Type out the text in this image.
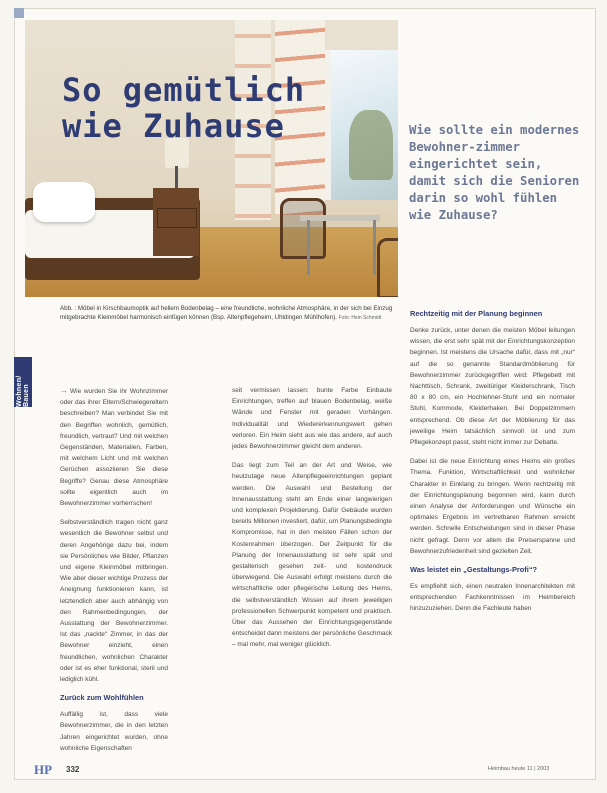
So gemütlich
wie Zuhause	Wie sollte ein modernes Bewohner-zimmer eingerichtet sein, damit sich die Senioren darin so wohl fühlen wie Zuhause?

Abb. : Möbel in Kirschbaumoptik auf hellem Bodenbelag – eine freundliche, wohnliche Atmosphäre, in der sich bei Einzug mitgebrachte Kleinmöbel harmonisch einfügen können (Bsp. Altenpflegeheim, Uhldingen Mühlhofen). Foto: Hein Schmidt
Wohnen/ Bauen	→ Wie wurden Sie ihr Wohnzimmer oder das ihrer Eltern/Schwiegereltern beschreiben? Man verbindet Sie mit den Begriffen wohnlich, gemütlich, freundlich, vertraut? Und mit welchen Gegenständen, Materialien, Farben, mit welchem Licht und mit welchen Gerüchen assoziieren Sie diese Begriffe? Genau diese Atmosphäre sollte eigentlich auch im Bewohnerzimmer vorherrschen!

Selbstverständlich tragen nicht ganz wesentlich die Bewohner selbst und deren Angehörige dazu bei, indem sie Persönliches wie Bilder, Pflanzen und eigene Kleinmöbel mitbringen. Wie aber dieser wichtige Prozess der Aneignung funktionieren kann, ist letztendlich aber auch abhängig von den Rahmenbedingungen, der Ausstattung der Bewohnerzimmer. Ist das „nackte“ Zimmer, in das der Bewohner einzieht, einen freundlichen, wohnlichen Charakter oder ist es eher funktional, steril und lediglich kühl.

Zurück zum Wohlfühlen

Auffällig ist, dass viele Bewohnerzimmer, die in den letzten Jahren eingerichtet wurden, ohne wohnliche Eigenschaften

seit vermissen lassen: bunte Farbe Einbaute Einrichtungen, treffen auf blauen Bodenbelag, weiße Wände und Fenster mit geraden Vorhängen. Individualität und Wiedererkennungswert gehen verloren. Ein Heim sieht aus wie das andere, auf auch jedes Bewohnerzimmer gleicht dem anderen.

Das liegt zum Teil an der Art und Weise, wie heutzutage neue Altenpflegeeinrichtungen geplant werden. Die Auswahl und Bestellung der Innenausstattung steht am Ende einer langwierigen und komplexen Projektierung. Dafür Gebäude wurden bereits Millionen investiert, dafür, um Planungsbedingte Kompromisse, hat in den meisten Fällen schon der Kostenrahmen überzogen. Der Zeitpunkt für die Planung der Innenausstattung ist sehr spät und gestalterisch gesehen zeit- und kostendruck überwiegend. Die Auswahl erfolgt meistens durch die wirtschaftliche oder pflegerische Leitung des Heims, die selbstverständlich Wissen auf ihrem jeweiligen professionellen Schwerpunkt kompetent und praktisch. Über das Aussehen der Einrichtungsgegenstände entscheidet dann meistens der persönliche Geschmack – mal mehr, mal weniger glücklich.

Rechtzeitig mit der Planung beginnen

Denke zurück, unter denen die meisten Möbel leitungen wissen, die erst sehr spät mit der Einrichtungskonzeption beginnen. Ist meistens die Ursache dafür, dass mit „nur“ auf die so genannte Standardmöblierung für Bewohnerzimmer zurückgegriffen wird: Pflegebett mit Nachttisch, Schrank, zweitüriger Kleiderschrank, Tisch 80 x 80 cm, ein Hochlehner-Stuhl und ein normaler Stuhl, Kommode, Kleiderhaken. Bei Doppelzimmern entsprechend. Ob diese Art der Möblierung für das jeweilige Heim tatsächlich sinnvoll ist und zum Pflegekonzept passt, steht nicht immer zur Debatte.

Dabei ist die neue Einrichtung eines Heims ein großes Thema. Funktion, Wirtschaftlichkeit und wohnlicher Charakter in Einklang zu bringen. Wenn rechtzeitig mit der Einrichtungsplanung begonnen wird, kann durch einen Analyse der Anforderungen und Wünsche ein optimales Ergebnis im vertretbaren Rahmen erreicht werden. Schnelle Entscheidungen sind in dieser Phase nicht gefragt. Denn vor allem die Preiserspanne und Bewohnerzufriedenheit sind gezielten Zeit.

Was leistet ein „Gestaltungs-Profi“?

Es empfiehlt sich, einen neutralen Innenarchitekten mit entsprechenden Fachkenntnissen im Heimbereich hinzuzuziehen. Denn die Fachleute haben

HP 332	Heimbau heute 11 | 2003
